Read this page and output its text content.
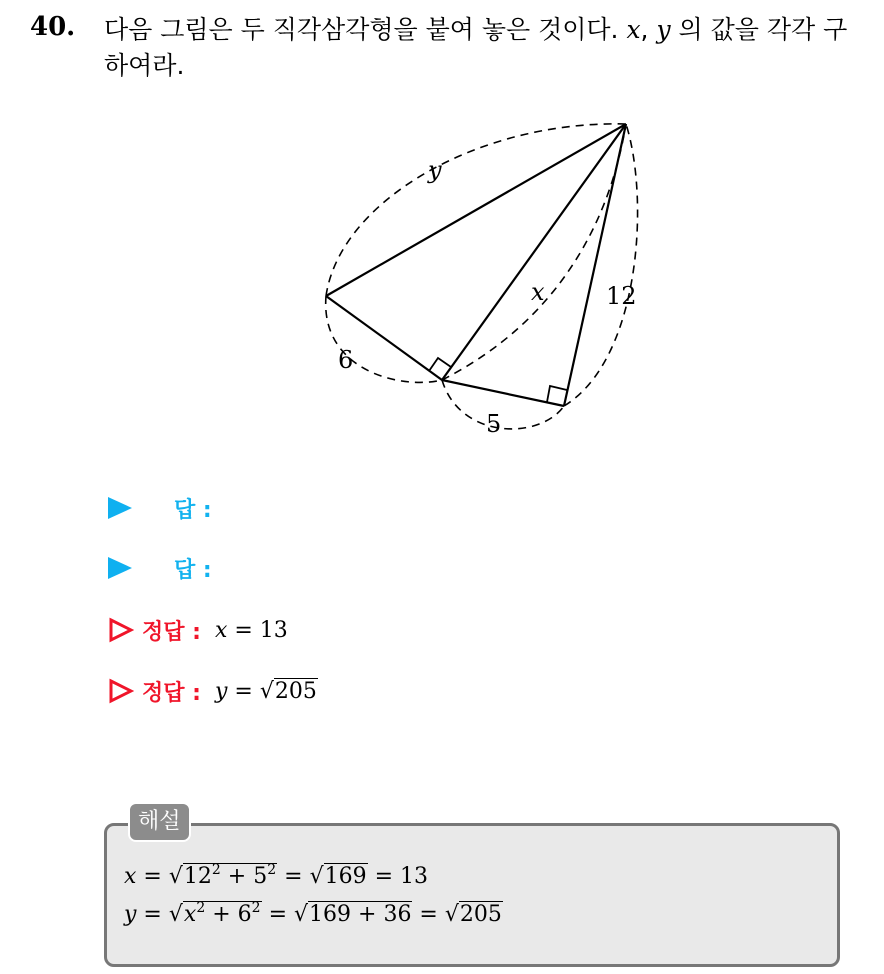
40. 다음 그림은 두 직각삼각형을 붙여 놓은 것이다. x, y 의 값을 각각 구하여라.
y
x	12
6
5
답 :
답 :
정답 : x = 13
정답 : y = √205
해설
$x = √12^2 + 5^2 = √169 = 13$
$y = √x^2 + 6^2 = √169 + 36 = √205$
